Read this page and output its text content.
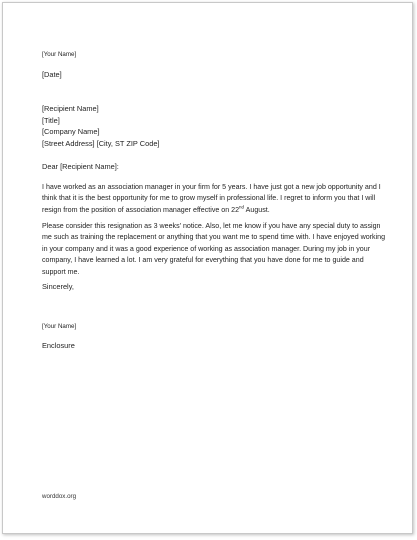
[Your Name]
[Date]
[Recipient Name]
[Title]
[Company Name]
[Street Address] [City, ST ZIP Code]
Dear [Recipient Name]:
I have worked as an association manager in your firm for 5 years. I have just got a new job opportunity and I think that it is the best opportunity for me to grow myself in professional life. I regret to inform you that I will resign from the position of association manager effective on 22nd August.
Please consider this resignation as 3 weeks' notice. Also, let me know if you have any special duty to assign me such as training the replacement or anything that you want me to spend time with. I have enjoyed working in your company and it was a good experience of working as association manager. During my job in your company, I have learned a lot. I am very grateful for everything that you have done for me to guide and support me.
Sincerely,
[Your Name]
Enclosure
worddox.org
